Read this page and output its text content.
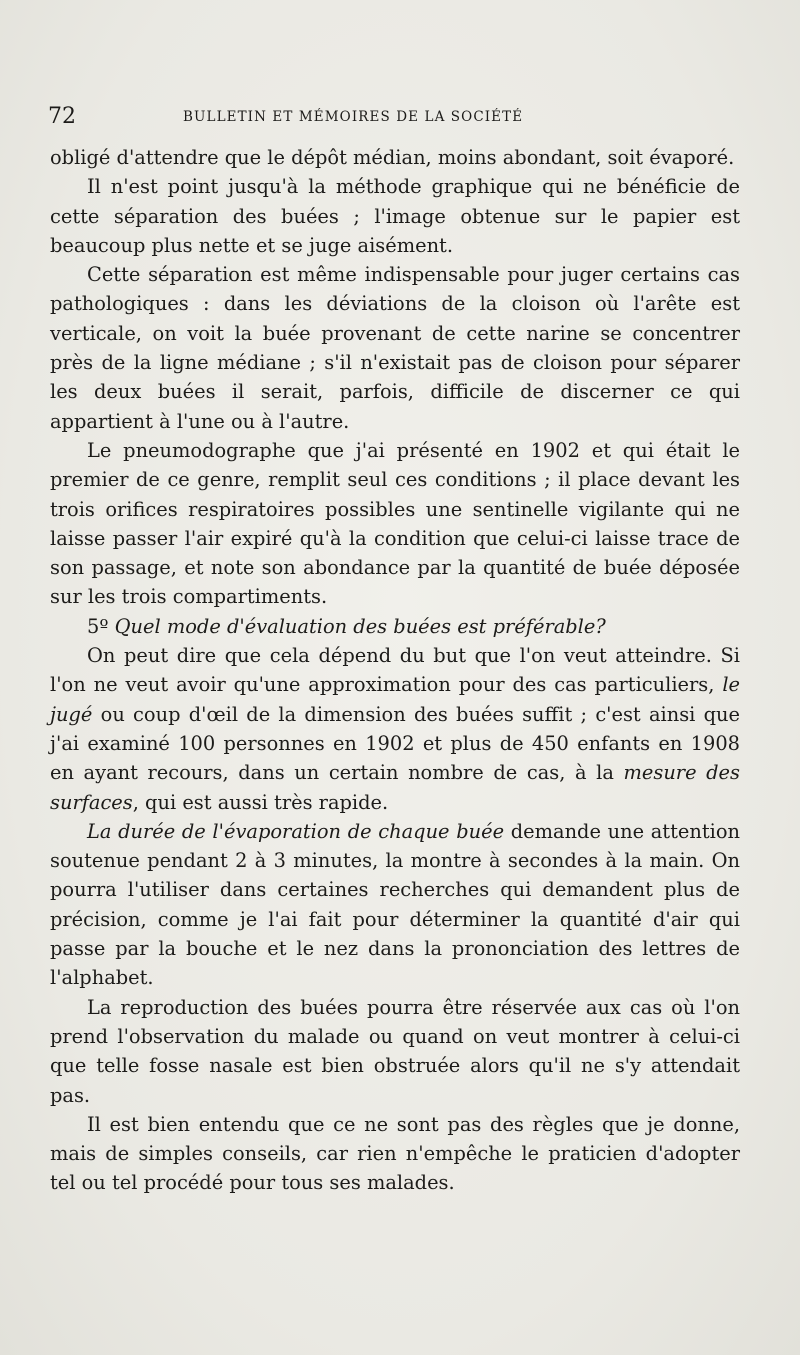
72	BULLETIN ET MÉMOIRES DE LA SOCIÉTÉ

obligé d'attendre que le dépôt médian, moins abondant, soit évaporé.

Il n'est point jusqu'à la méthode graphique qui ne bénéficie de cette séparation des buées ; l'image obtenue sur le papier est beaucoup plus nette et se juge aisément.

Cette séparation est même indispensable pour juger certains cas pathologiques : dans les déviations de la cloison où l'arête est verticale, on voit la buée provenant de cette narine se concentrer près de la ligne médiane ; s'il n'existait pas de cloison pour séparer les deux buées il serait, parfois, difficile de discerner ce qui appartient à l'une ou à l'autre.

Le pneumodographe que j'ai présenté en 1902 et qui était le premier de ce genre, remplit seul ces conditions ; il place devant les trois orifices respiratoires possibles une sentinelle vigilante qui ne laisse passer l'air expiré qu'à la condition que celui-ci laisse trace de son passage, et note son abondance par la quantité de buée déposée sur les trois compartiments.

5º Quel mode d'évaluation des buées est préférable?

On peut dire que cela dépend du but que l'on veut atteindre. Si l'on ne veut avoir qu'une approximation pour des cas particuliers, le jugé ou coup d'œil de la dimension des buées suffit ; c'est ainsi que j'ai examiné 100 personnes en 1902 et plus de 450 enfants en 1908 en ayant recours, dans un certain nombre de cas, à la mesure des surfaces, qui est aussi très rapide.

La durée de l'évaporation de chaque buée demande une attention soutenue pendant 2 à 3 minutes, la montre à secondes à la main. On pourra l'utiliser dans certaines recherches qui demandent plus de précision, comme je l'ai fait pour déterminer la quantité d'air qui passe par la bouche et le nez dans la prononciation des lettres de l'alphabet.

La reproduction des buées pourra être réservée aux cas où l'on prend l'observation du malade ou quand on veut montrer à celui-ci que telle fosse nasale est bien obstruée alors qu'il ne s'y attendait pas.

Il est bien entendu que ce ne sont pas des règles que je donne, mais de simples conseils, car rien n'empêche le praticien d'adopter tel ou tel procédé pour tous ses malades.
